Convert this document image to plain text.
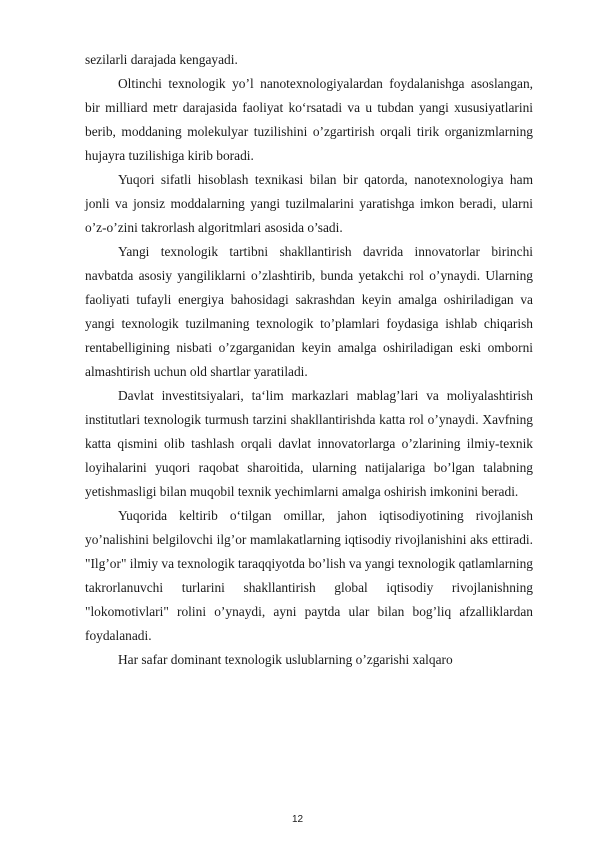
sezilarli darajada kengayadi.

Oltinchi texnologik yo’l nanotexnologiyalardan foydalanishga asoslangan, bir milliard metr darajasida faoliyat ko‘rsatadi va u tubdan yangi xususiyatlarini berib, moddaning molekulyar tuzilishini o’zgartirish orqali tirik organizmlarning hujayra tuzilishiga kirib boradi.

Yuqori sifatli hisoblash texnikasi bilan bir qatorda, nanotexnologiya ham jonli va jonsiz moddalarning yangi tuzilmalarini yaratishga imkon beradi, ularni o’z-o’zini takrorlash algoritmlari asosida o’sadi.

Yangi texnologik tartibni shakllantirish davrida innovatorlar birinchi navbatda asosiy yangiliklarni o’zlashtirib, bunda yetakchi rol o’ynaydi. Ularning faoliyati tufayli energiya bahosidagi sakrashdan keyin amalga oshiriladigan va yangi texnologik tuzilmaning texnologik to’plamlari foydasiga ishlab chiqarish rentabelligining nisbati o’zgarganidan keyin amalga oshiriladigan eski omborni almashtirish uchun old shartlar yaratiladi.

Davlat investitsiyalari, ta‘lim markazlari mablag’lari va moliyalashtirish institutlari texnologik turmush tarzini shakllantirishda katta rol o’ynaydi. Xavfning katta qismini olib tashlash orqali davlat innovatorlarga o’zlarining ilmiy-texnik loyihalarini yuqori raqobat sharoitida, ularning natijalariga bo’lgan talabning yetishmasligi bilan muqobil texnik yechimlarni amalga oshirish imkonini beradi.

Yuqorida keltirib o‘tilgan omillar, jahon iqtisodiyotining rivojlanish yo’nalishini belgilovchi ilg’or mamlakatlarning iqtisodiy rivojlanishini aks ettiradi. "Ilg’or" ilmiy va texnologik taraqqiyotda bo’lish va yangi texnologik qatlamlarning takrorlanuvchi turlarini shakllantirish global iqtisodiy rivojlanishning "lokomotivlari" rolini o’ynaydi, ayni paytda ular bilan bog’liq afzalliklardan foydalanadi.

Har safar dominant texnologik uslublarning o’zgarishi xalqaro

12
